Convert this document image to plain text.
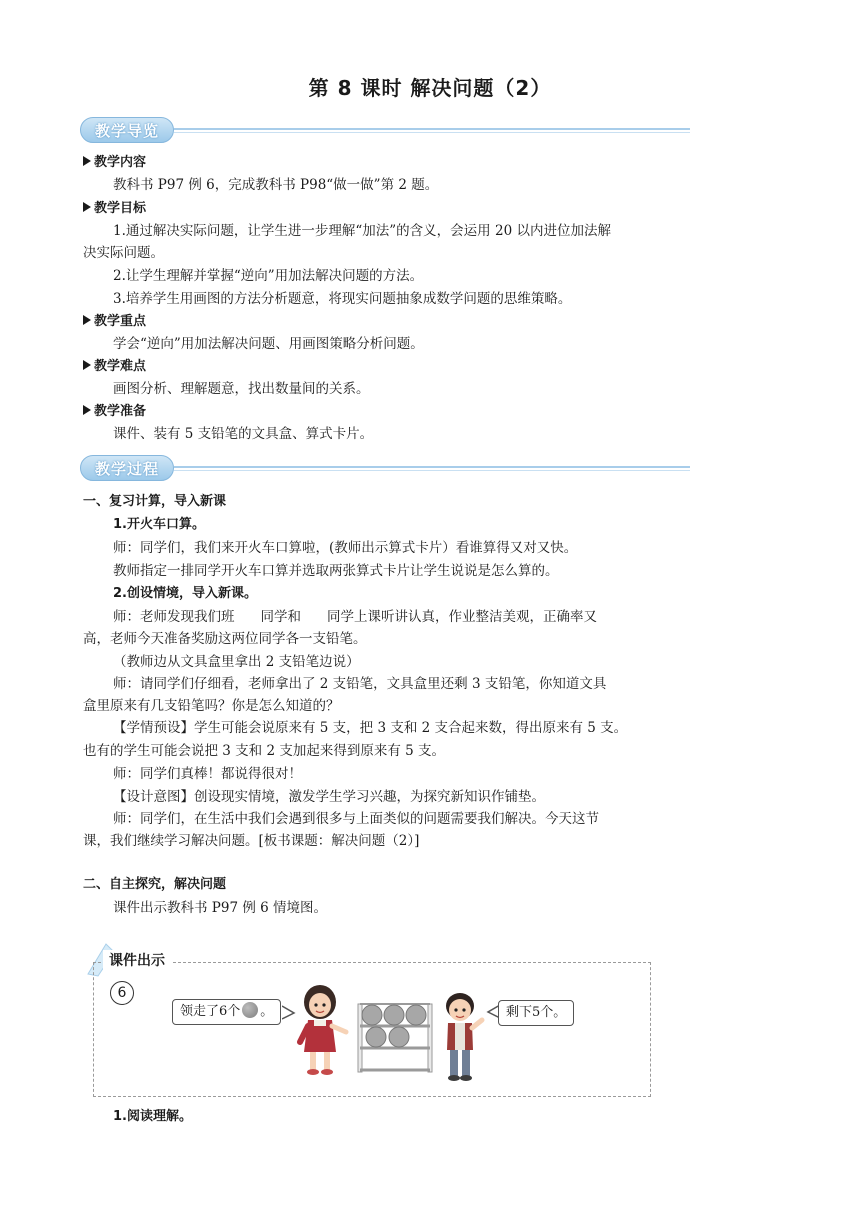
第 8 课时 解决问题（2）
教学导览
教学内容
教科书 P97 例 6，完成教科书 P98“做一做”第 2 题。
教学目标
1.通过解决实际问题，让学生进一步理解“加法”的含义，会运用 20 以内进位加法解
决实际问题。
2.让学生理解并掌握“逆向”用加法解决问题的方法。
3.培养学生用画图的方法分析题意，将现实问题抽象成数学问题的思维策略。
教学重点
学会“逆向”用加法解决问题、用画图策略分析问题。
教学难点
画图分析、理解题意，找出数量间的关系。
教学准备
课件、装有 5 支铅笔的文具盒、算式卡片。
教学过程
一、复习计算，导入新课
1.开火车口算。
师：同学们，我们来开火车口算啦，(教师出示算式卡片）看谁算得又对又快。
教师指定一排同学开火车口算并选取两张算式卡片让学生说说是怎么算的。
2.创设情境，导入新课。
师：老师发现我们班 同学和 同学上课听讲认真，作业整洁美观，正确率又
高，老师今天准备奖励这两位同学各一支铅笔。
（教师边从文具盒里拿出 2 支铅笔边说）
师：请同学们仔细看，老师拿出了 2 支铅笔，文具盒里还剩 3 支铅笔，你知道文具
盒里原来有几支铅笔吗？你是怎么知道的？
【学情预设】学生可能会说原来有 5 支，把 3 支和 2 支合起来数，得出原来有 5 支。
也有的学生可能会说把 3 支和 2 支加起来得到原来有 5 支。
师：同学们真棒！都说得很对！
【设计意图】创设现实情境，激发学生学习兴趣，为探究新知识作铺垫。
师：同学们，在生活中我们会遇到很多与上面类似的问题需要我们解决。今天这节
课，我们继续学习解决问题。[板书课题：解决问题（2）]
二、自主探究，解决问题
课件出示教科书 P97 例 6 情境图。
课件出示
6
领走了6个 。	剩下5个。
1.阅读理解。
